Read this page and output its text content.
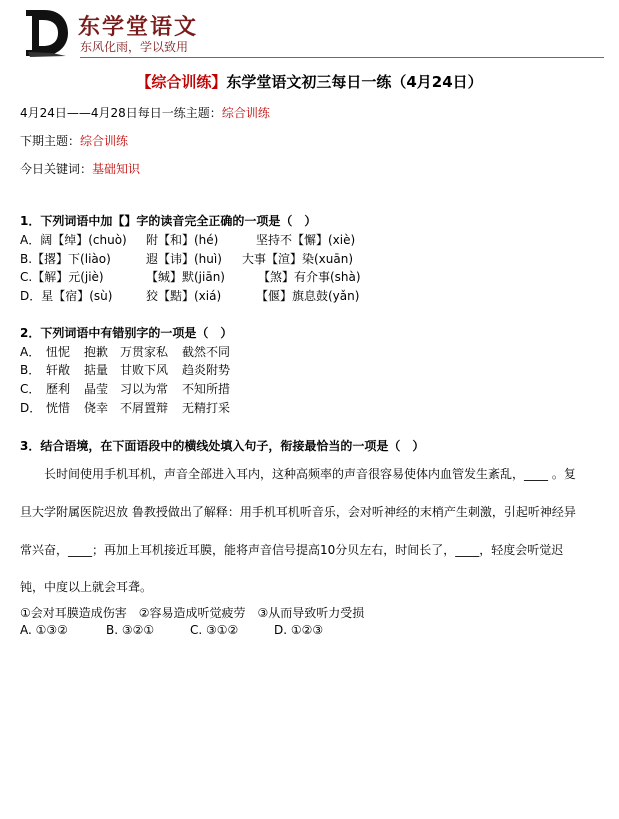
东学堂语文
东风化雨，学以致用
【综合训练】东学堂语文初三每日一练（4月24日）
4月24日——4月28日每日一练主题：综合训练
下期主题：综合训练
今日关键词：基础知识
1．下列词语中加【】字的读音完全正确的一项是（　）
A．阔【绰】(chuò) 附【和】(hé)	坚持不【懈】(xiè)
B.【撂】下(liào)	遐【讳】(huì) 大事【渲】染(xuān)
C.【解】元(jiè)	【缄】默(jiān)	【煞】有介事(shà)
D．星【宿】(sù)	狡【黠】(xiá)	【偃】旗息鼓(yǎn)
2．下列词语中有错别字的一项是（　）
A． 忸怩 抱歉 万贯家私 截然不同
B． 轩敞 掂量 甘败下风 趋炎附势
C． 歷利 晶莹 习以为常 不知所措
D． 恍惜 侥幸 不屑置辩 无精打采
3．结合语境，在下面语段中的横线处填入句子，衔接最恰当的一项是（　）
长时间使用手机耳机，声音全部进入耳内，这种高频率的声音很容易使体内血管发生紊乱，____ 。复
旦大学附属医院迟放 鲁教授做出了解释：用手机耳机听音乐，会对听神经的末梢产生刺激，引起听神经异
常兴奋，____；再加上耳机接近耳膜，能将声音信号提高10分贝左右，时间长了，____，轻度会听觉迟
钝，中度以上就会耳聋。
①会对耳膜造成伤害　②容易造成听觉疲劳　③从而导致听力受损
A. ①③②	B. ③②①	C. ③①②	D. ①②③
